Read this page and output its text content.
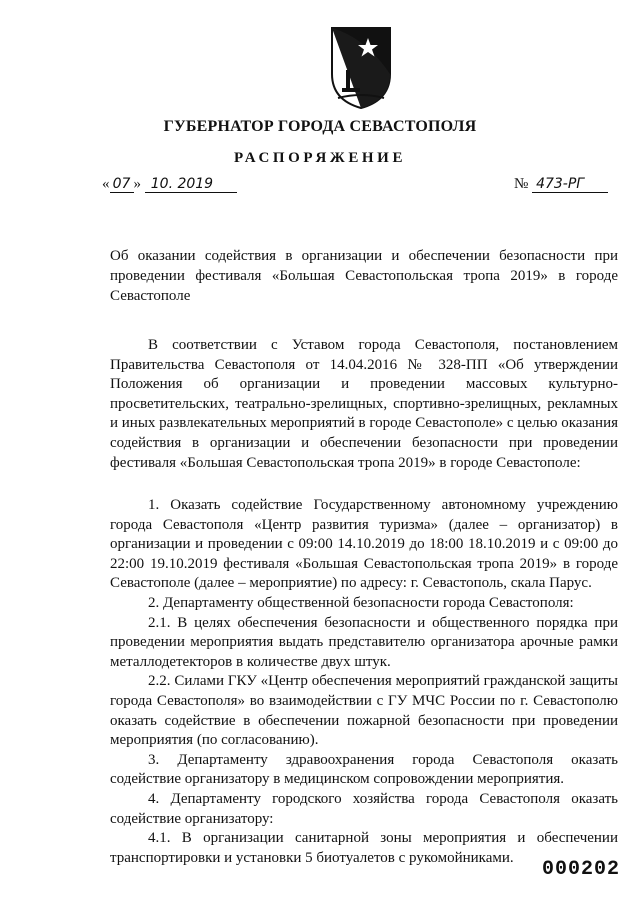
ГУБЕРНАТОР ГОРОДА СЕВАСТОПОЛЯ
РАСПОРЯЖЕНИЕ
« 07 » 10. 2019	№ 473-РГ
Об оказании содействия в организации и обеспечении безопасности при проведении фестиваля «Большая Севастопольская тропа 2019» в городе Севастополе

В соответствии с Уставом города Севастополя, постановлением Правительства Севастополя от 14.04.2016 № 328-ПП «Об утверждении Положения об организации и проведении массовых культурно-просветительских, театрально-зрелищных, спортивно-зрелищных, рекламных и иных развлекательных мероприятий в городе Севастополе» с целью оказания содействия в организации и обеспечении безопасности при проведении фестиваля «Большая Севастопольская тропа 2019» в городе Севастополе:

1. Оказать содействие Государственному автономному учреждению города Севастополя «Центр развития туризма» (далее – организатор) в организации и проведении с 09:00 14.10.2019 до 18:00 18.10.2019 и с 09:00 до 22:00 19.10.2019 фестиваля «Большая Севастопольская тропа 2019» в городе Севастополе (далее – мероприятие) по адресу: г. Севастополь, скала Парус.

2. Департаменту общественной безопасности города Севастополя:

2.1. В целях обеспечения безопасности и общественного порядка при проведении мероприятия выдать представителю организатора арочные рамки металлодетекторов в количестве двух штук.

2.2. Силами ГКУ «Центр обеспечения мероприятий гражданской защиты города Севастополя» во взаимодействии с ГУ МЧС России по г. Севастополю оказать содействие в обеспечении пожарной безопасности при проведении мероприятия (по согласованию).

3. Департаменту здравоохранения города Севастополя оказать содействие организатору в медицинском сопровождении мероприятия.

4. Департаменту городского хозяйства города Севастополя оказать содействие организатору:

4.1. В организации санитарной зоны мероприятия и обеспечении транспортировки и установки 5 биотуалетов с рукомойниками.

000202
